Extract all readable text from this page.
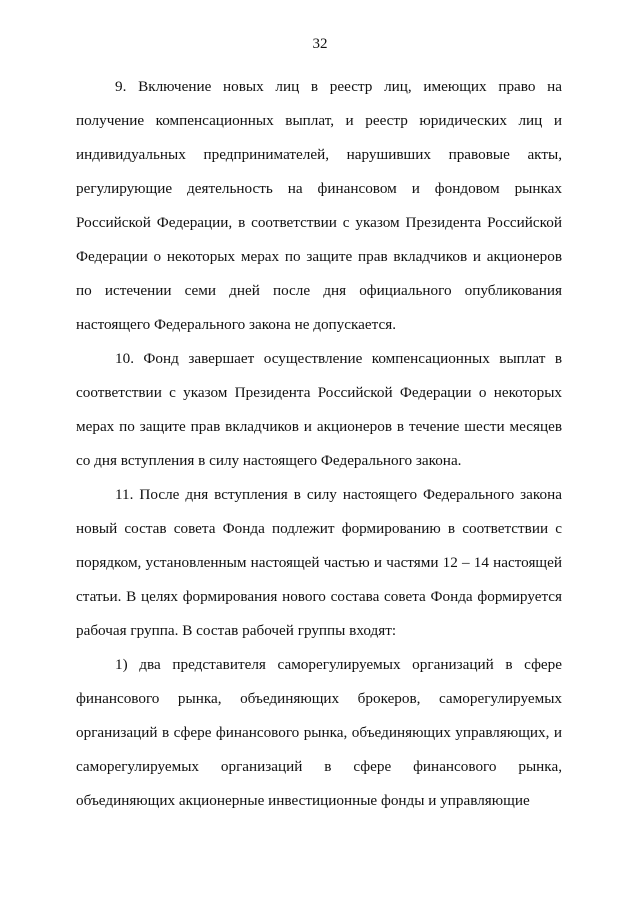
32

9. Включение новых лиц в реестр лиц, имеющих право на получение компенсационных выплат, и реестр юридических лиц и индивидуальных предпринимателей, нарушивших правовые акты, регулирующие деятельность на финансовом и фондовом рынках Российской Федерации, в соответствии с указом Президента Российской Федерации о некоторых мерах по защите прав вкладчиков и акционеров по истечении семи дней после дня официального опубликования настоящего Федерального закона не допускается.

10. Фонд завершает осуществление компенсационных выплат в соответствии с указом Президента Российской Федерации о некоторых мерах по защите прав вкладчиков и акционеров в течение шести месяцев со дня вступления в силу настоящего Федерального закона.

11. После дня вступления в силу настоящего Федерального закона новый состав совета Фонда подлежит формированию в соответствии с порядком, установленным настоящей частью и частями 12 – 14 настоящей статьи. В целях формирования нового состава совета Фонда формируется рабочая группа. В состав рабочей группы входят:

1) два представителя саморегулируемых организаций в сфере финансового рынка, объединяющих брокеров, саморегулируемых организаций в сфере финансового рынка, объединяющих управляющих, и саморегулируемых организаций в сфере финансового рынка, объединяющих акционерные инвестиционные фонды и управляющие
